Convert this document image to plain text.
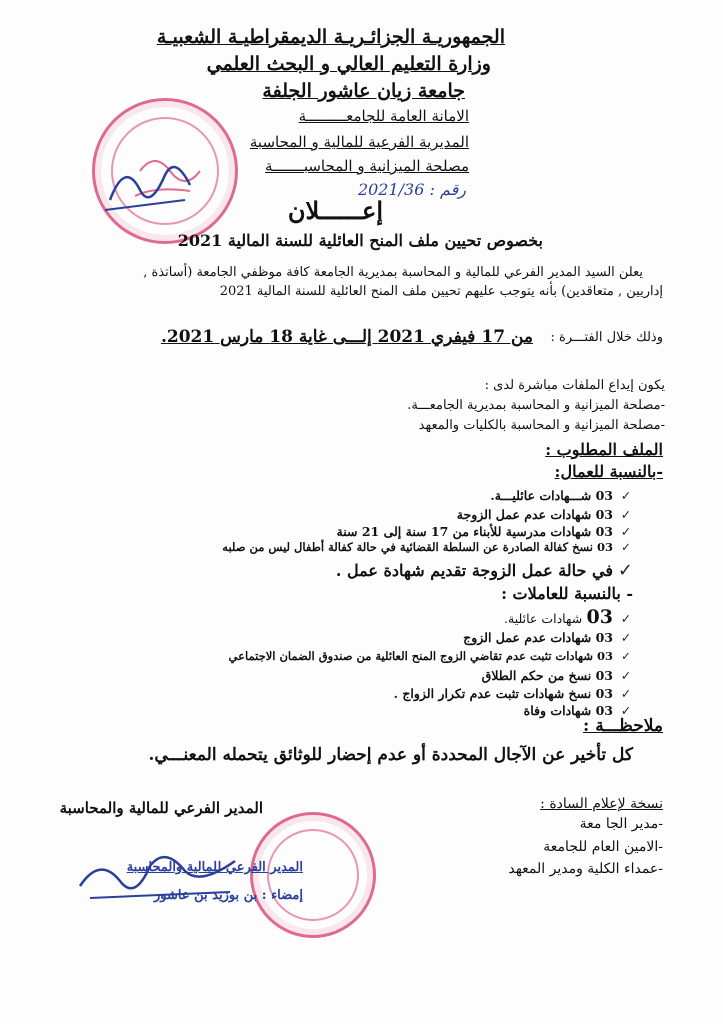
الجمهوريـة الجزائـريـة الديمقراطيـة الشعبيـة
وزارة التعليم العالي و البحث العلمي
جامعة زيان عاشور الجلفة
الامانة العامة للجامعـــــــــة
المديرية الفرعية للمالية و المحاسبة
مصلحة الميزانية و المحاسبـــــــة
رقم : 2021/36
إعــــــلان
بخصوص تحيين ملف المنح العائلية للسنة المالية 2021
يعلن السيد المدير الفرعي للمالية و المحاسبة بمديرية الجامعة كافة موظفي الجامعة (أساتذة ,
إداريين , متعاقدين) بأنه يتوجب عليهم تحيين ملف المنح العائلية للسنة المالية 2021
وذلك خلال الفتـــرة :
من 17 فيفري 2021 إلـــى غاية 18 مارس 2021.
يكون إيداع الملفات مباشرة لدى :
-مصلحة الميزانية و المحاسبة بمديرية الجامعـــة.
-مصلحة الميزانية و المحاسبة بالكليات والمعهد
الملف المطلوب :
-بالنسبة للعمال:
✓03 شـــهادات عائليـــة.
✓03 شهادات عدم عمل الزوجة
✓03 شهادات مدرسية للأبناء من 17 سنة إلى 21 سنة
✓03 نسخ كفالة الصادرة عن السلطة القضائية في حالة كفالة أطفال ليس من صلبه
✓في حالة عمل الزوجة تقديم شهادة عمل .
- بالنسبة للعاملات :
✓03 شهادات عائلية.
✓03 شهادات عدم عمل الزوج
✓03 شهادات تثبت عدم تقاضي الزوج المنح العائلية من صندوق الضمان الاجتماعي
✓03 نسخ من حكم الطلاق
✓03 نسخ شهادات تثبت عدم تكرار الزواج .
✓03 شهادات وفاة
ملاحظـــة :
كل تأخير عن الآجال المحددة أو عدم إحضار للوثائق يتحمله المعنـــي.
نسخة لإعلام السادة :
-مدير الجا معة
-الامين العام للجامعة
-عمداء الكلية ومدير المعهد
المدير الفرعي للمالية والمحاسبة
المدير الفرعي للمالية والمحاسبة
إمضاء : بن بوزيد بن عاشور
